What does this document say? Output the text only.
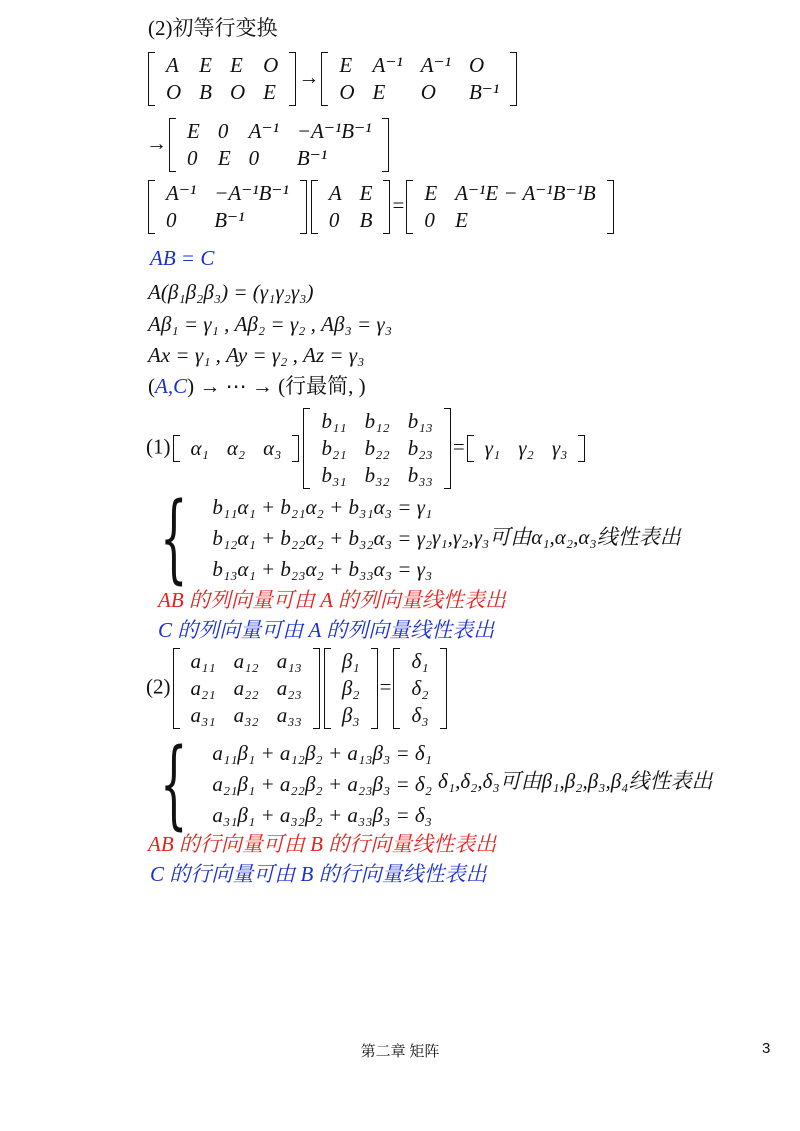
(2)初等行变换
A	E	E	O
O	B	O	E
→ E	A⁻¹	A⁻¹	O
O	E	O	B⁻¹
→ E	0	A⁻¹	−A⁻¹B⁻¹
0	E	0	B⁻¹
A⁻¹	−A⁻¹B⁻¹
0	B⁻¹
A	E
0	B
= E	A⁻¹E − A⁻¹B⁻¹B
0	E
AB = C
A(β₁β₂β₃) = (γ₁γ₂γ₃)
Aβ₁ = γ₁ , Aβ₂ = γ₂ , Aβ₃ = γ₃
Ax = γ₁ , Ay = γ₂ , Az = γ₃
(A,C) → ⋯ → (行最简, )
(1) α₁	α₂	α₃
b₁₁	b₁₂	b₁₃
b₂₁	b₂₂	b₂₃
b₃₁	b₃₂	b₃₃
= γ₁	γ₂	γ₃
{ b₁₁α₁ + b₂₁α₂ + b₃₁α₃ = γ₁
b₁₂α₁ + b₂₂α₂ + b₃₂α₃ = γ₂
b₁₃α₁ + b₂₃α₂ + b₃₃α₃ = γ₃
γ₁,γ₂,γ₃可由α₁,α₂,α₃线性表出
AB 的列向量可由 A 的列向量线性表出
C 的列向量可由 A 的列向量线性表出
(2)
a₁₁	a₁₂	a₁₃
a₂₁	a₂₂	a₂₃
a₃₁	a₃₂	a₃₃
β₁
β₂
β₃
=
δ₁
δ₂
δ₃
{ a₁₁β₁ + a₁₂β₂ + a₁₃β₃ = δ₁
a₂₁β₁ + a₂₂β₂ + a₂₃β₃ = δ₂
a₃₁β₁ + a₃₂β₂ + a₃₃β₃ = δ₃
δ₁,δ₂,δ₃可由β₁,β₂,β₃,β₄线性表出
AB 的行向量可由 B 的行向量线性表出
C 的行向量可由 B 的行向量线性表出
第二章 矩阵	3
